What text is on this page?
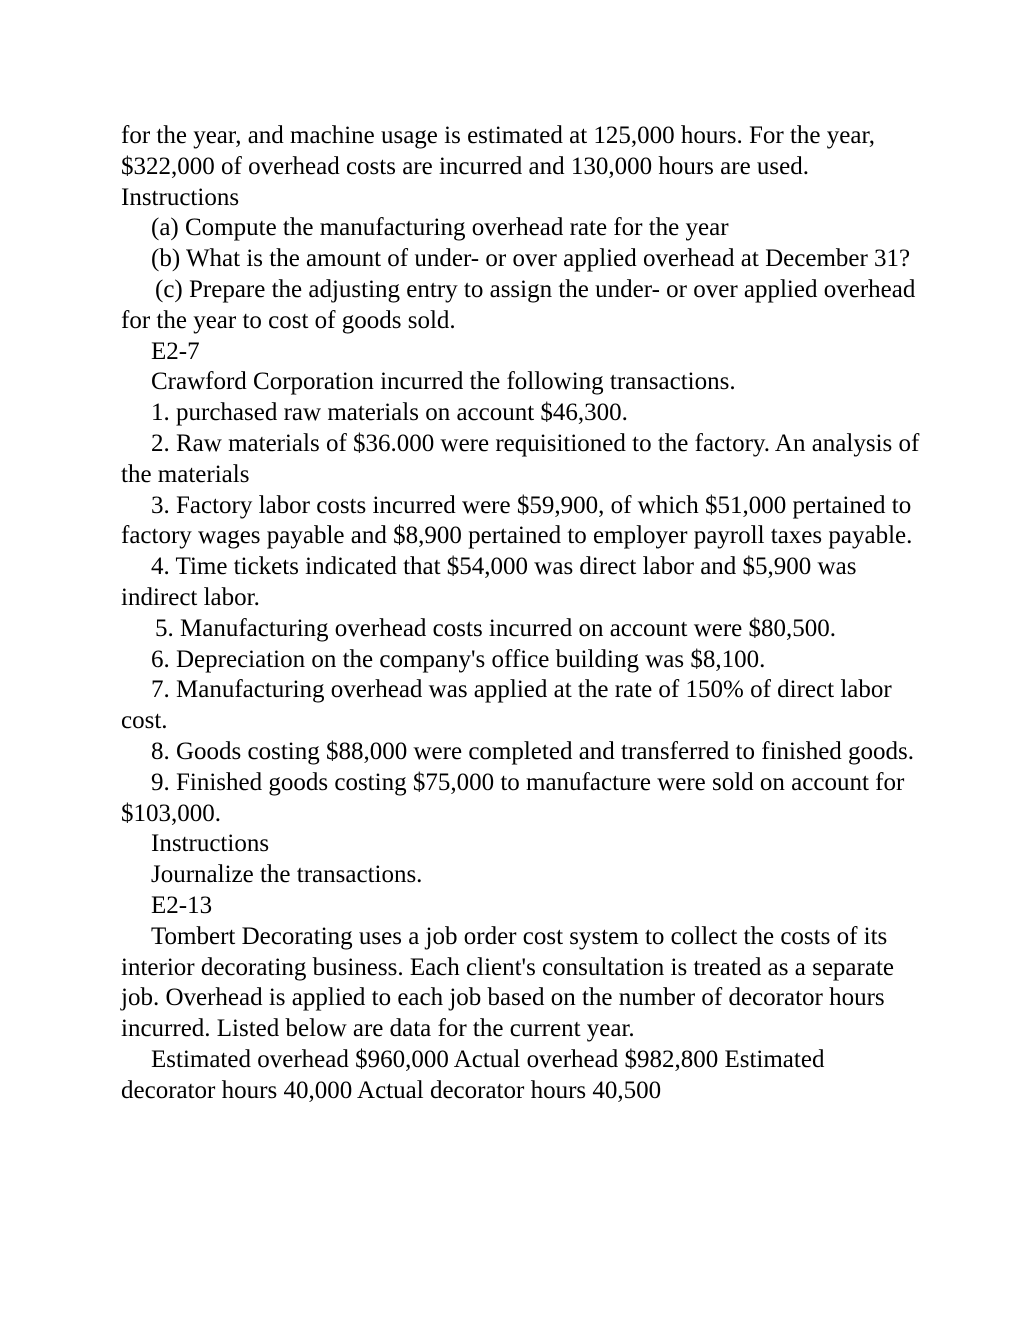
for the year, and machine usage is estimated at 125,000 hours. For the year, $322,000 of overhead costs are incurred and 130,000 hours are used. Instructions

(a) Compute the manufacturing overhead rate for the year

(b) What is the amount of under- or over applied overhead at December 31?

(c) Prepare the adjusting entry to assign the under- or over applied overhead for the year to cost of goods sold.

E2-7

Crawford Corporation incurred the following transactions.

1. purchased raw materials on account $46,300.

2. Raw materials of $36.000 were requisitioned to the factory. An analysis of the materials

3. Factory labor costs incurred were $59,900, of which $51,000 pertained to factory wages payable and $8,900 pertained to employer payroll taxes payable.

4. Time tickets indicated that $54,000 was direct labor and $5,900 was indirect labor.

5. Manufacturing overhead costs incurred on account were $80,500.

6. Depreciation on the company's office building was $8,100.

7. Manufacturing overhead was applied at the rate of 150% of direct labor cost.

8. Goods costing $88,000 were completed and transferred to finished goods.

9. Finished goods costing $75,000 to manufacture were sold on account for $103,000.

Instructions

Journalize the transactions.

E2-13

Tombert Decorating uses a job order cost system to collect the costs of its interior decorating business. Each client's consultation is treated as a separate job. Overhead is applied to each job based on the number of decorator hours incurred. Listed below are data for the current year.

Estimated overhead $960,000 Actual overhead $982,800 Estimated decorator hours 40,000 Actual decorator hours 40,500
